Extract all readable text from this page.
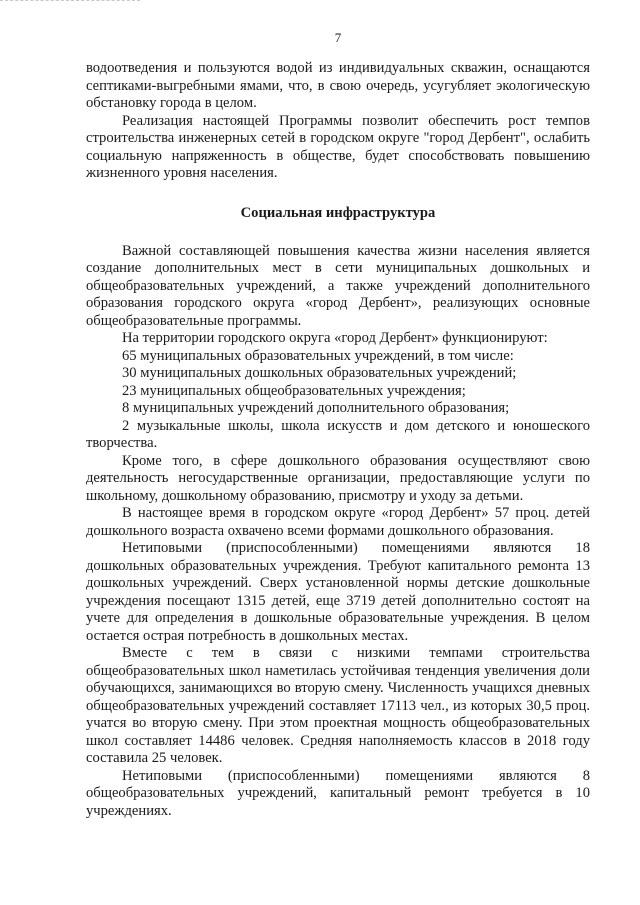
7

водоотведения и пользуются водой из индивидуальных скважин, оснащаются септиками-выгребными ямами, что, в свою очередь, усугубляет экологическую обстановку города в целом.

Реализация настоящей Программы позволит обеспечить рост темпов строительства инженерных сетей в городском округе "город Дербент", ослабить социальную напряженность в обществе, будет способствовать повышению жизненного уровня населения.

Социальная инфраструктура

Важной составляющей повышения качества жизни населения является создание дополнительных мест в сети муниципальных дошкольных и общеобразовательных учреждений, а также учреждений дополнительного образования городского округа «город Дербент», реализующих основные общеобразовательные программы.

На территории городского округа «город Дербент» функционируют:

65 муниципальных образовательных учреждений, в том числе:

30 муниципальных дошкольных образовательных учреждений;

23 муниципальных общеобразовательных учреждения;

8 муниципальных учреждений дополнительного образования;

2 музыкальные школы, школа искусств и дом детского и юношеского творчества.

Кроме того, в сфере дошкольного образования осуществляют свою деятельность негосударственные организации, предоставляющие услуги по школьному, дошкольному образованию, присмотру и уходу за детьми.

В настоящее время в городском округе «город Дербент» 57 проц. детей дошкольного возраста охвачено всеми формами дошкольного образования.

Нетиповыми (приспособленными) помещениями являются 18 дошкольных образовательных учреждения. Требуют капитального ремонта 13 дошкольных учреждений. Сверх установленной нормы детские дошкольные учреждения посещают 1315 детей, еще 3719 детей дополнительно состоят на учете для определения в дошкольные образовательные учреждения. В целом остается острая потребность в дошкольных местах.

Вместе с тем в связи с низкими темпами строительства общеобразовательных школ наметилась устойчивая тенденция увеличения доли обучающихся, занимающихся во вторую смену. Численность учащихся дневных общеобразовательных учреждений составляет 17113 чел., из которых 30,5 проц. учатся во вторую смену. При этом проектная мощность общеобразовательных школ составляет 14486 человек. Средняя наполняемость классов в 2018 году составила 25 человек.

Нетиповыми (приспособленными) помещениями являются 8 общеобразовательных учреждений, капитальный ремонт требуется в 10 учреждениях.
